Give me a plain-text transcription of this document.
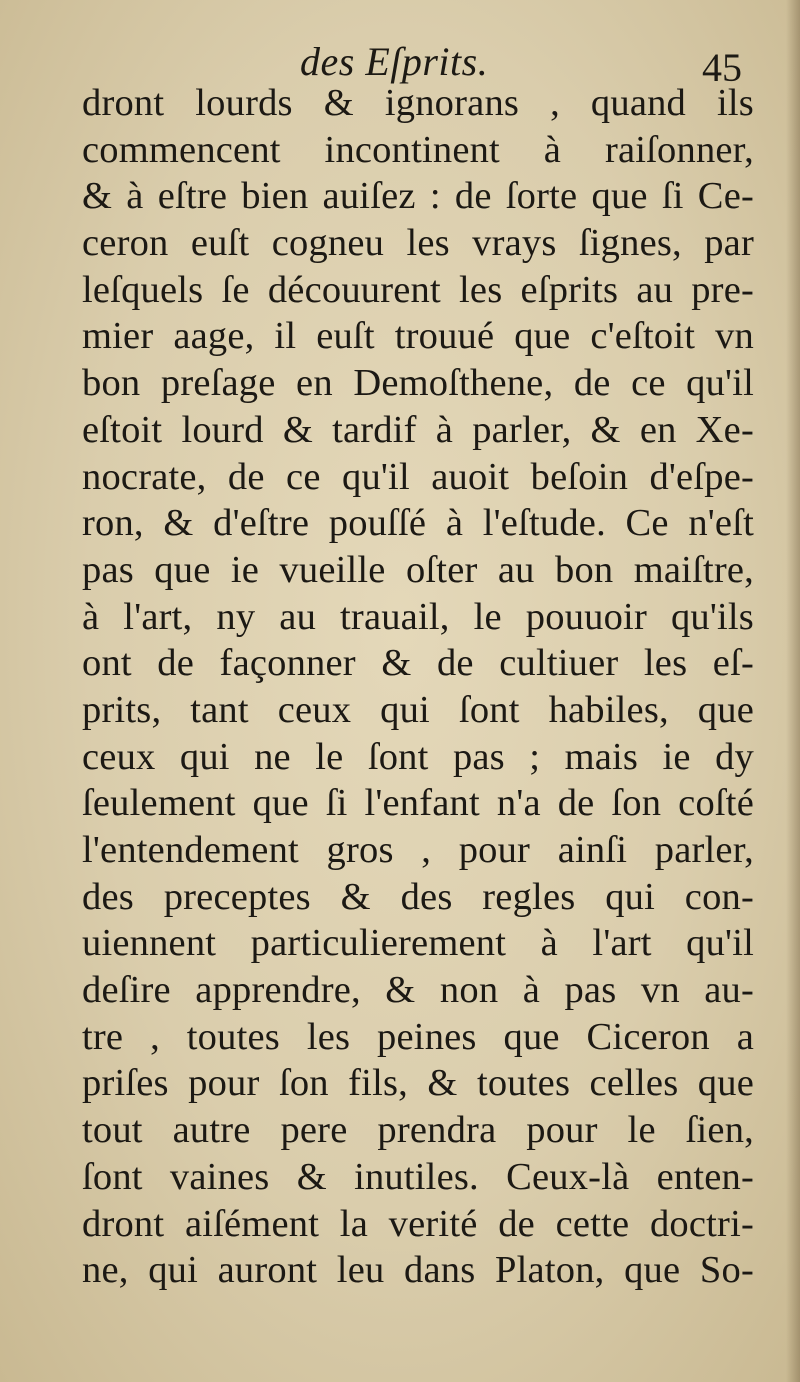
des Eſprits.	45
dront lourds & ignorans , quand ils
commencent incontinent à raiſonner,
& à eſtre bien auiſez : de ſorte que ſi Ce-
ceron euſt cogneu les vrays ſignes, par
leſquels ſe découurent les eſprits au pre-
mier aage, il euſt trouué que c'eſtoit vn
bon preſage en Demoſthene, de ce qu'il
eſtoit lourd & tardif à parler, & en Xe-
nocrate, de ce qu'il auoit beſoin d'eſpe-
ron, & d'eſtre pouſſé à l'eſtude. Ce n'eſt
pas que ie vueille oſter au bon maiſtre,
à l'art, ny au trauail, le pouuoir qu'ils
ont de façonner & de cultiuer les eſ-
prits, tant ceux qui ſont habiles, que
ceux qui ne le ſont pas ; mais ie dy
ſeulement que ſi l'enfant n'a de ſon coſté
l'entendement gros , pour ainſi parler,
des preceptes & des regles qui con-
uiennent particulierement à l'art qu'il
deſire apprendre, & non à pas vn au-
tre , toutes les peines que Ciceron a
priſes pour ſon fils, & toutes celles que
tout autre pere prendra pour le ſien,
ſont vaines & inutiles. Ceux-là enten-
dront aiſément la verité de cette doctri-
ne, qui auront leu dans Platon, que So-
